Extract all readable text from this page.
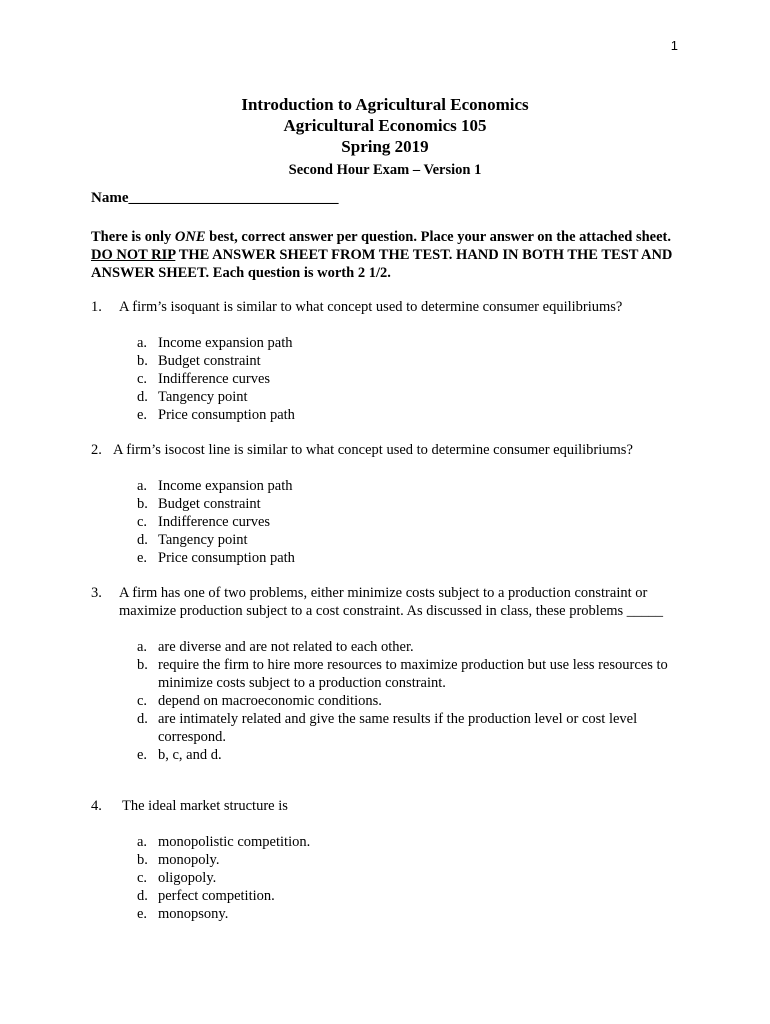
1
Introduction to Agricultural Economics
Agricultural Economics 105
Spring 2019
Second Hour Exam – Version 1
Name____________________________
There is only ONE best, correct answer per question. Place your answer on the attached sheet. DO NOT RIP THE ANSWER SHEET FROM THE TEST. HAND IN BOTH THE TEST AND ANSWER SHEET. Each question is worth 2 1/2.
1. A firm’s isoquant is similar to what concept used to determine consumer equilibriums?
a. Income expansion path
b. Budget constraint
c. Indifference curves
d. Tangency point
e. Price consumption path
2. A firm’s isocost line is similar to what concept used to determine consumer equilibriums?
a. Income expansion path
b. Budget constraint
c. Indifference curves
d. Tangency point
e. Price consumption path
3. A firm has one of two problems, either minimize costs subject to a production constraint or maximize production subject to a cost constraint. As discussed in class, these problems _____
a. are diverse and are not related to each other.
b. require the firm to hire more resources to maximize production but use less resources to minimize costs subject to a production constraint.
c. depend on macroeconomic conditions.
d. are intimately related and give the same results if the production level or cost level correspond.
e. b, c, and d.
4. The ideal market structure is
a. monopolistic competition.
b. monopoly.
c. oligopoly.
d. perfect competition.
e. monopsony.
